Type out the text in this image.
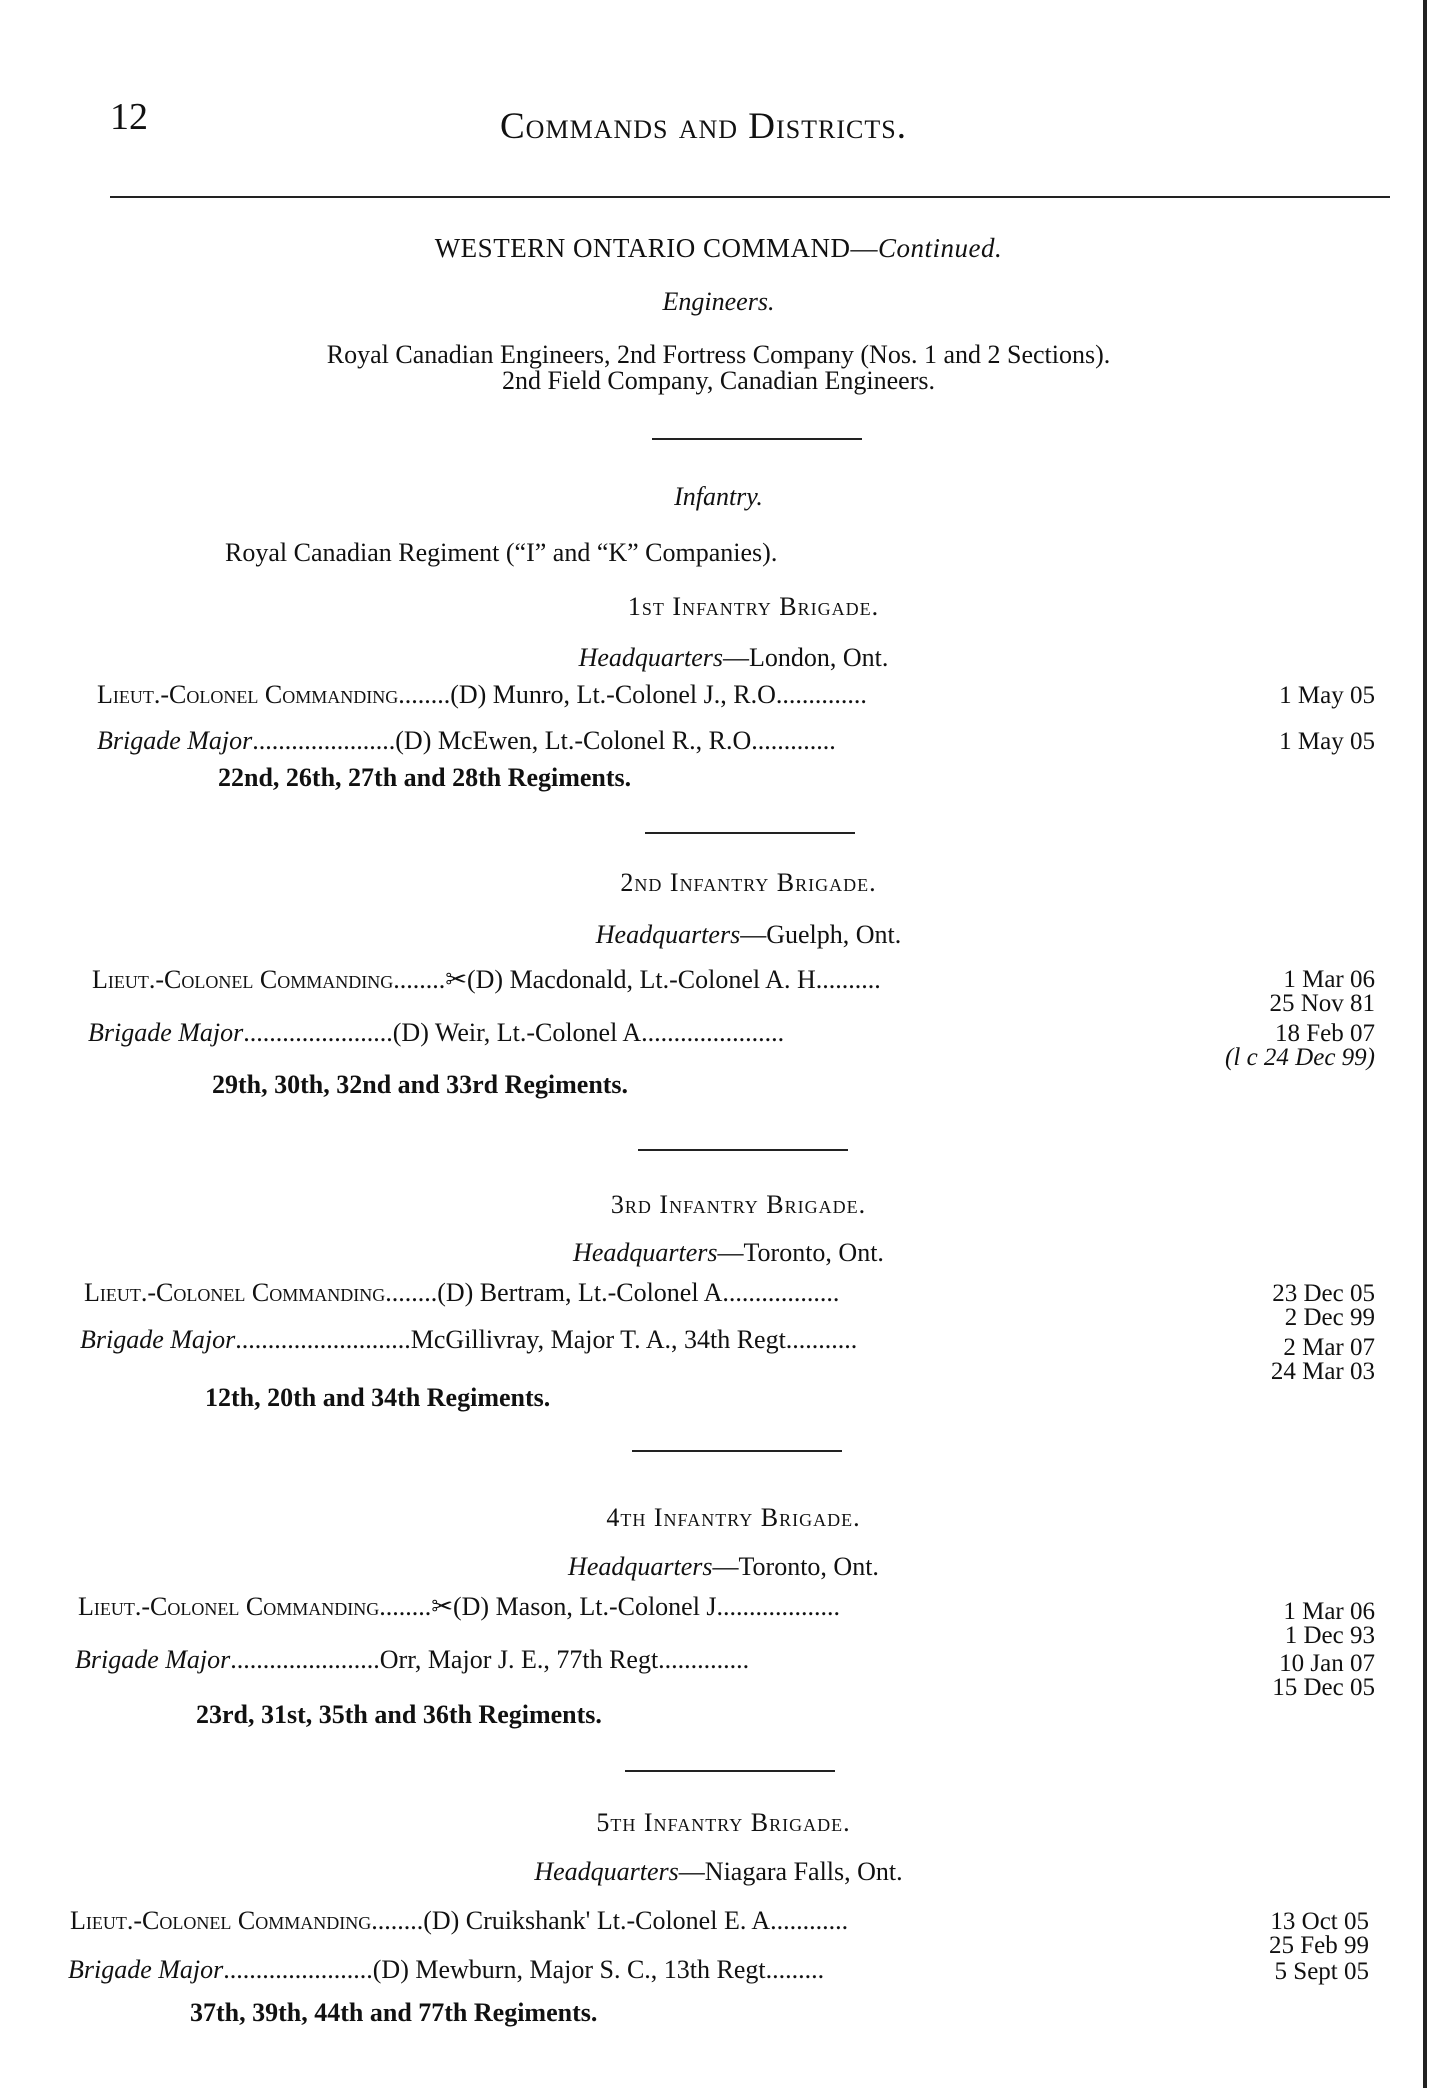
12	Commands and Districts.
WESTERN ONTARIO COMMAND—Continued.
Engineers.
Royal Canadian Engineers, 2nd Fortress Company (Nos. 1 and 2 Sections).
2nd Field Company, Canadian Engineers.
Infantry.
Royal Canadian Regiment (“I” and “K” Companies).
1st Infantry Brigade.
Headquarters—London, Ont.
Lieut.-Colonel Commanding........(D) Munro, Lt.-Colonel J., R.O..............	1 May 05
Brigade Major......................(D) McEwen, Lt.-Colonel R., R.O.............	1 May 05
22nd, 26th, 27th and 28th Regiments.
2nd Infantry Brigade.
Headquarters—Guelph, Ont.
Lieut.-Colonel Commanding........✂(D) Macdonald, Lt.-Colonel A. H..........	1 Mar 06
25 Nov 81
Brigade Major.......................(D) Weir, Lt.-Colonel A......................	18 Feb 07
(l c 24 Dec 99)
29th, 30th, 32nd and 33rd Regiments.
3rd Infantry Brigade.
Headquarters—Toronto, Ont.
Lieut.-Colonel Commanding........(D) Bertram, Lt.-Colonel A..................	23 Dec 05
2 Dec 99
Brigade Major...........................McGillivray, Major T. A., 34th Regt...........	2 Mar 07
24 Mar 03
12th, 20th and 34th Regiments.
4th Infantry Brigade.
Headquarters—Toronto, Ont.
Lieut.-Colonel Commanding........✂(D) Mason, Lt.-Colonel J...................	1 Mar 06
1 Dec 93
Brigade Major.......................Orr, Major J. E., 77th Regt..............	10 Jan 07
15 Dec 05
23rd, 31st, 35th and 36th Regiments.
5th Infantry Brigade.
Headquarters—Niagara Falls, Ont.
Lieut.-Colonel Commanding........(D) Cruikshank' Lt.-Colonel E. A............	13 Oct 05
25 Feb 99
Brigade Major.......................(D) Mewburn, Major S. C., 13th Regt.........	5 Sept 05
37th, 39th, 44th and 77th Regiments.
